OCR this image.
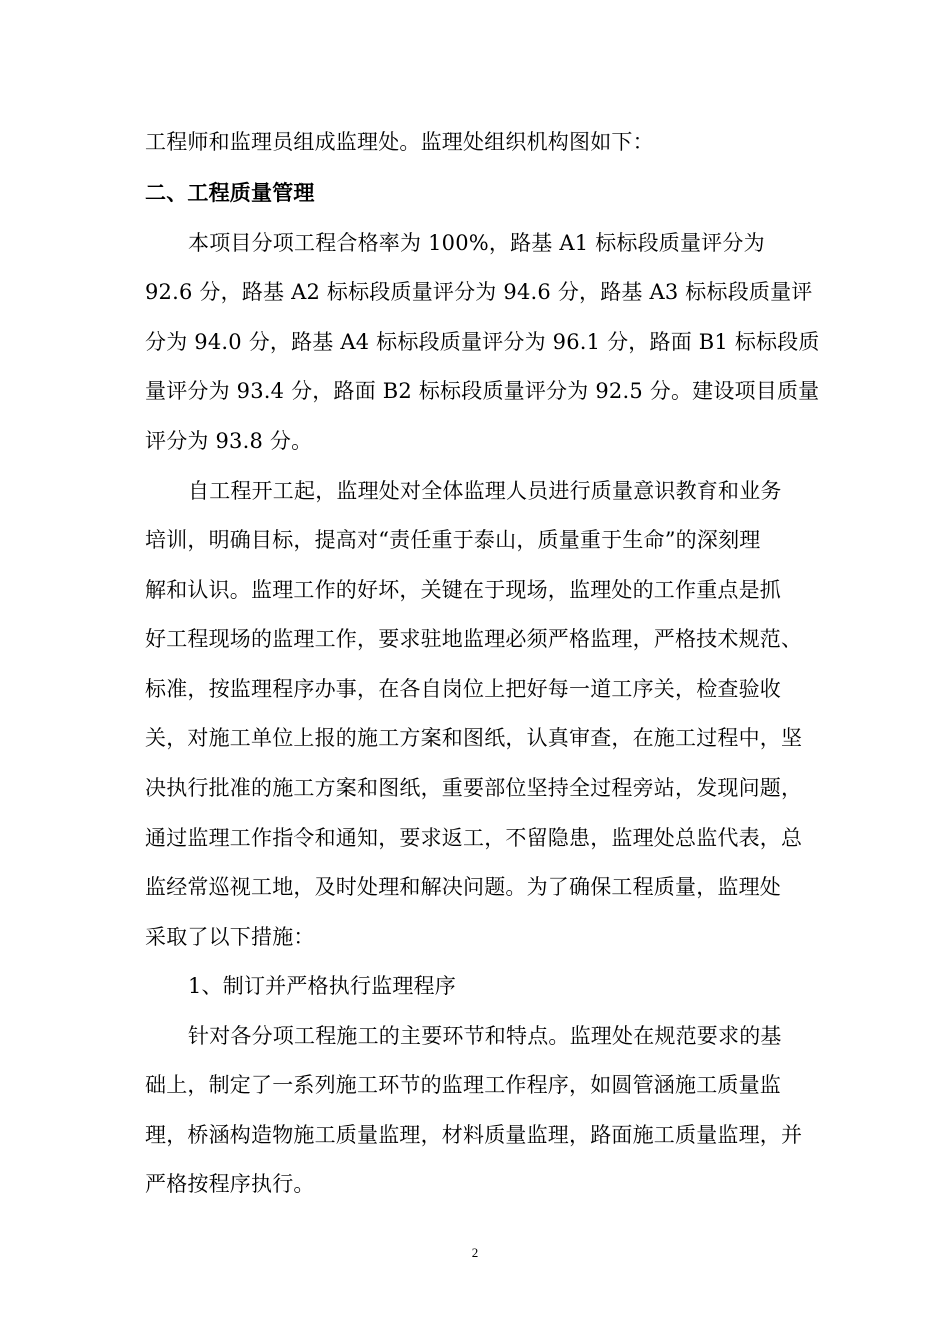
工程师和监理员组成监理处。监理处组织机构图如下：
二、工程质量管理
本项目分项工程合格率为 100%，路基 A1 标标段质量评分为
92.6 分，路基 A2 标标段质量评分为 94.6 分，路基 A3 标标段质量评
分为 94.0 分，路基 A4 标标段质量评分为 96.1 分，路面 B1 标标段质
量评分为 93.4 分，路面 B2 标标段质量评分为 92.5 分。建设项目质量
评分为 93.8 分。
自工程开工起，监理处对全体监理人员进行质量意识教育和业务
培训，明确目标，提高对“责任重于泰山，质量重于生命”的深刻理
解和认识。监理工作的好坏，关键在于现场，监理处的工作重点是抓
好工程现场的监理工作，要求驻地监理必须严格监理，严格技术规范、
标准，按监理程序办事，在各自岗位上把好每一道工序关，检查验收
关，对施工单位上报的施工方案和图纸，认真审查，在施工过程中，坚
决执行批准的施工方案和图纸，重要部位坚持全过程旁站，发现问题，
通过监理工作指令和通知，要求返工，不留隐患，监理处总监代表，总
监经常巡视工地，及时处理和解决问题。为了确保工程质量，监理处
采取了以下措施：
1、制订并严格执行监理程序
针对各分项工程施工的主要环节和特点。监理处在规范要求的基
础上，制定了一系列施工环节的监理工作程序，如圆管涵施工质量监
理，桥涵构造物施工质量监理，材料质量监理，路面施工质量监理，并
严格按程序执行。
2
